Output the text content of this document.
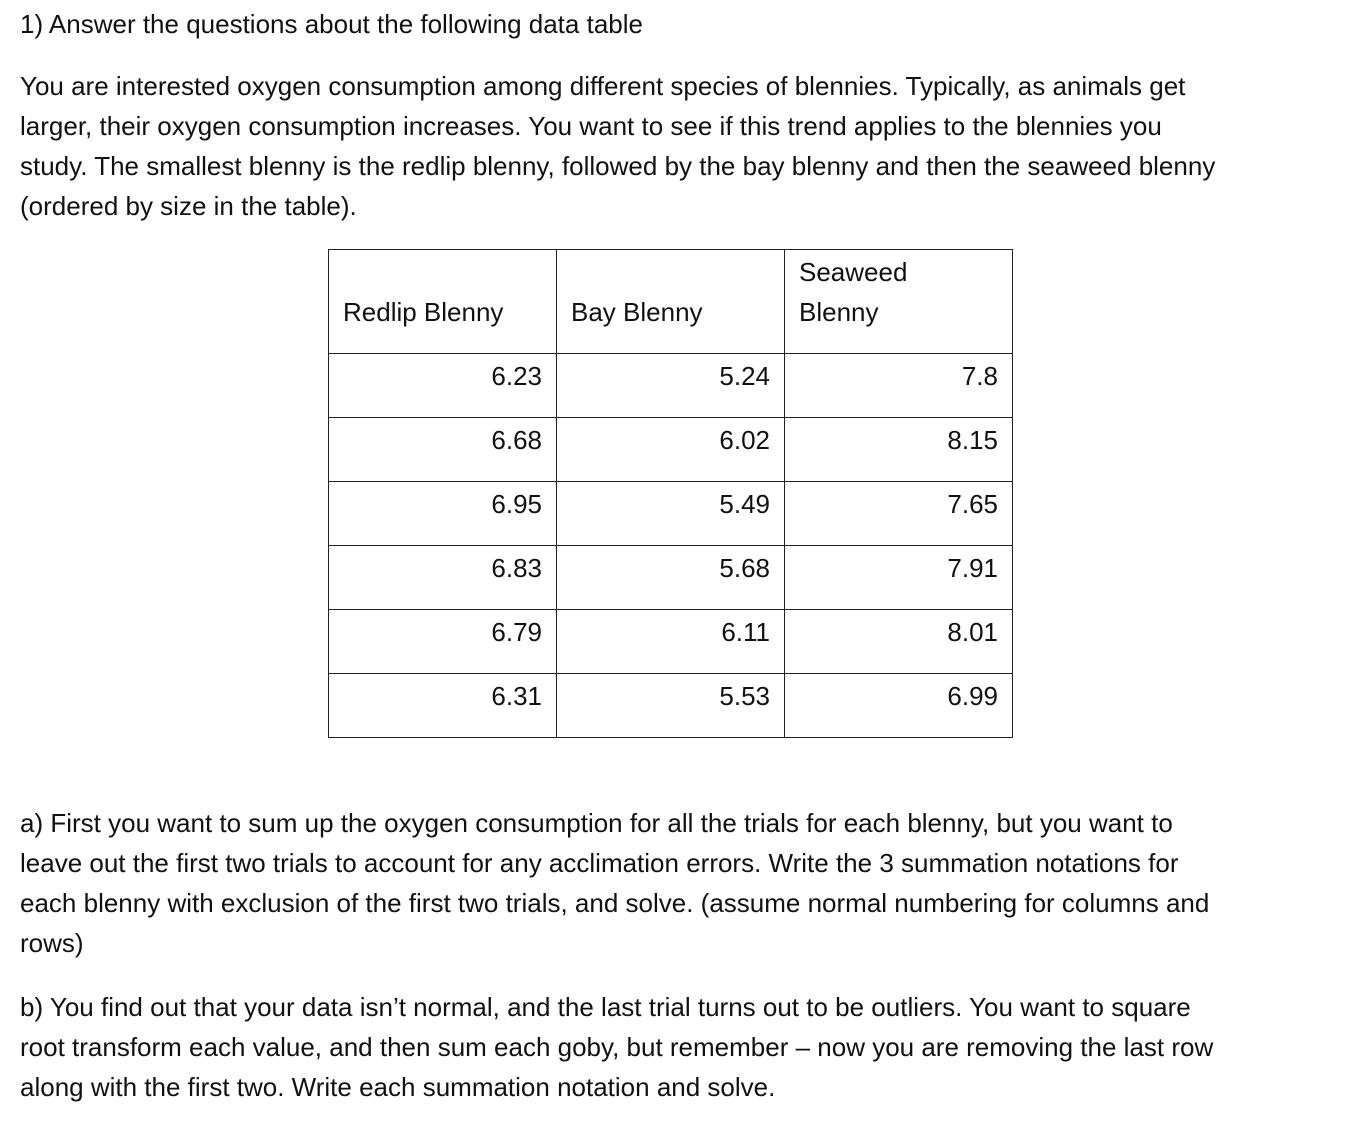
1) Answer the questions about the following data table
You are interested oxygen consumption among different species of blennies. Typically, as animals get
larger, their oxygen consumption increases. You want to see if this trend applies to the blennies you
study. The smallest blenny is the redlip blenny, followed by the bay blenny and then the seaweed blenny
(ordered by size in the table).
Redlip Blenny	Bay Blenny	Seaweed
Blenny

6.23	5.24	7.8
6.68	6.02	8.15
6.95	5.49	7.65
6.83	5.68	7.91
6.79	6.11	8.01
6.31	5.53	6.99
a) First you want to sum up the oxygen consumption for all the trials for each blenny, but you want to
leave out the first two trials to account for any acclimation errors. Write the 3 summation notations for
each blenny with exclusion of the first two trials, and solve. (assume normal numbering for columns and
rows)
b) You find out that your data isn’t normal, and the last trial turns out to be outliers. You want to square
root transform each value, and then sum each goby, but remember – now you are removing the last row
along with the first two. Write each summation notation and solve.
